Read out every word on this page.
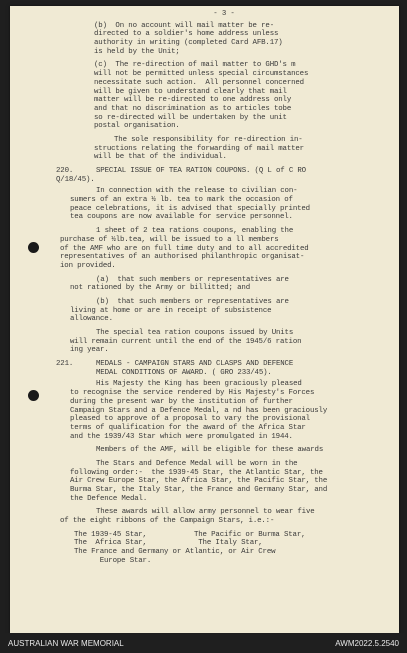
- 3 -
(b)  On no account will mail matter be re-
directed to a soldier's home address unless
authority in writing (completed Card AFB.17)
is held by the Unit;
(c)  The re-direction of mail matter to GHD's m
will not be permitted unless special circumstances
necessitate such action.  All personnel concerned
will be given to understand clearly that mail
matter will be re-directed to one address only
and that no discrimination as to articles tobe
so re-directed will be undertaken by the unit
postal organisation.
The sole responsibility for re-direction in-
structions relating the forwarding of mail matter
will be that of the individual.
220.	SPECIAL ISSUE OF TEA RATION COUPONS. (Q L of C RO
Q/18/45).
In connection with the release to civilian con-
sumers of an extra ½ lb. tea to mark the occasion of
peace celebrations, it is advised that specially printed
tea coupons are now available for service personnel.
1 sheet of 2 tea rations coupons, enabling the
purchase of ½lb.tea, will be issued to a ll members
of the AMF who are on full time duty and to all accredited
representatives of an authorised philanthropic organisat-
ion provided.
(a)  that such members or representatives are
not rationed by the Army or billitted; and
(b)  that such members or representatives are
living at home or are in receipt of subsistence
allowance.
The special tea ration coupons issued by Units
will remain current until the end of the 1945/6 ration
ing year.
221.	MEDALS - CAMPAIGN STARS AND CLASPS AND DEFENCE
MEDAL CONDITIONS OF AWARD. ( GRO 233/45).
His Majesty the King has been graciously pleased
to recognise the service rendered by His Majesty's Forces
during the present war by the institution of further
Campaign Stars and a Defence Medal, a nd has been graciously
pleased to approve of a proposal to vary the provisional
terms of qualification for the award of the Africa Star
and the 1939/43 Star which were promulgated in 1944.
Members of the AMF, will be eligible for these awards
The Stars and Defence Medal will be worn in the
following order:-  the 1939-45 Star, the Atlantic Star, the
Air Crew Europe Star, the Africa Star, the Pacific Star, the
Burma Star, the Italy Star, the France and Germany Star, and
the Defence Medal.
These awards will allow army personnel to wear five
of the eight ribbons of the Campaign Stars, i.e.:-
The 1939-45 Star,           The Pacific or Burma Star,
The  Africa Star,            The Italy Star,
The France and Germany or Atlantic, or Air Crew
Europe Star.
AUSTRALIAN WAR MEMORIAL	AWM2022.5.2540
